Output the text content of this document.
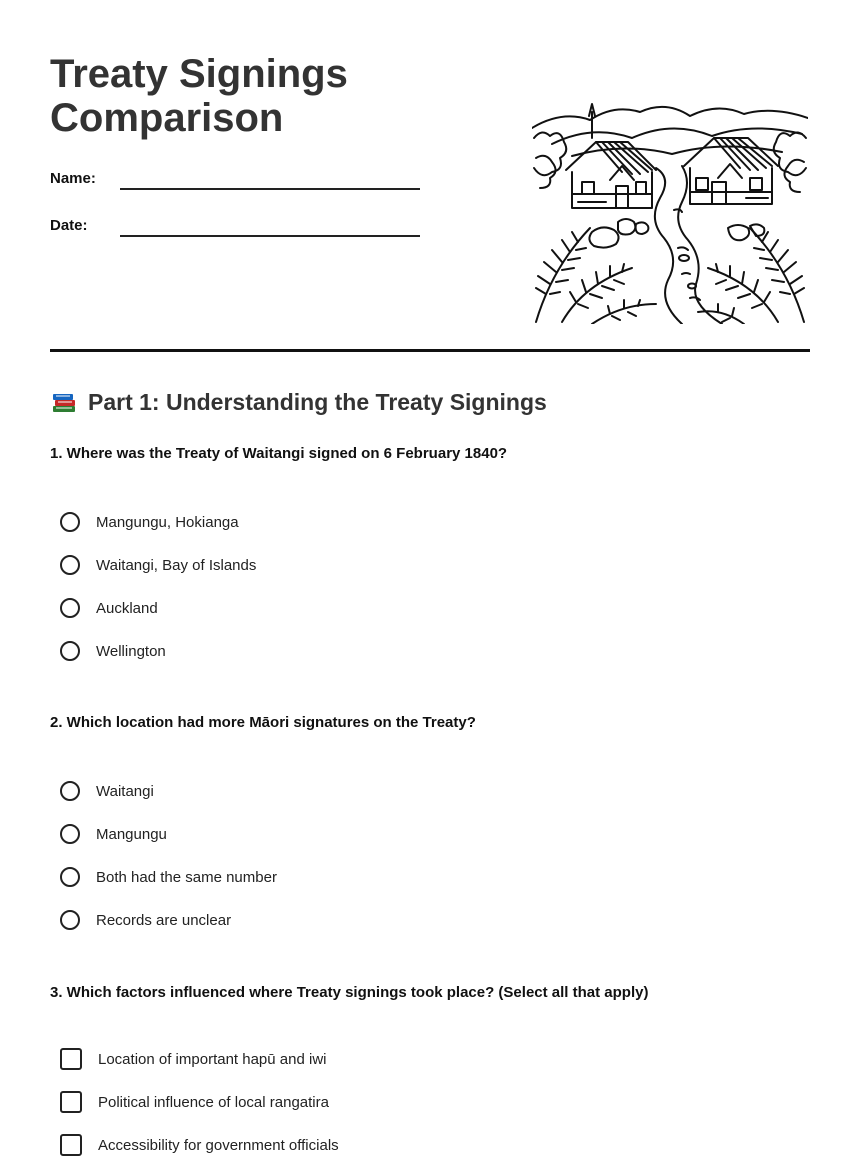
Treaty Signings
Comparison
Name:
Date:
Part 1: Understanding the Treaty Signings
1. Where was the Treaty of Waitangi signed on 6 February 1840?
Mangungu, Hokianga
Waitangi, Bay of Islands
Auckland
Wellington
2. Which location had more Māori signatures on the Treaty?
Waitangi
Mangungu
Both had the same number
Records are unclear
3. Which factors influenced where Treaty signings took place? (Select all that apply)
Location of important hapū and iwi
Political influence of local rangatira
Accessibility for government officials
